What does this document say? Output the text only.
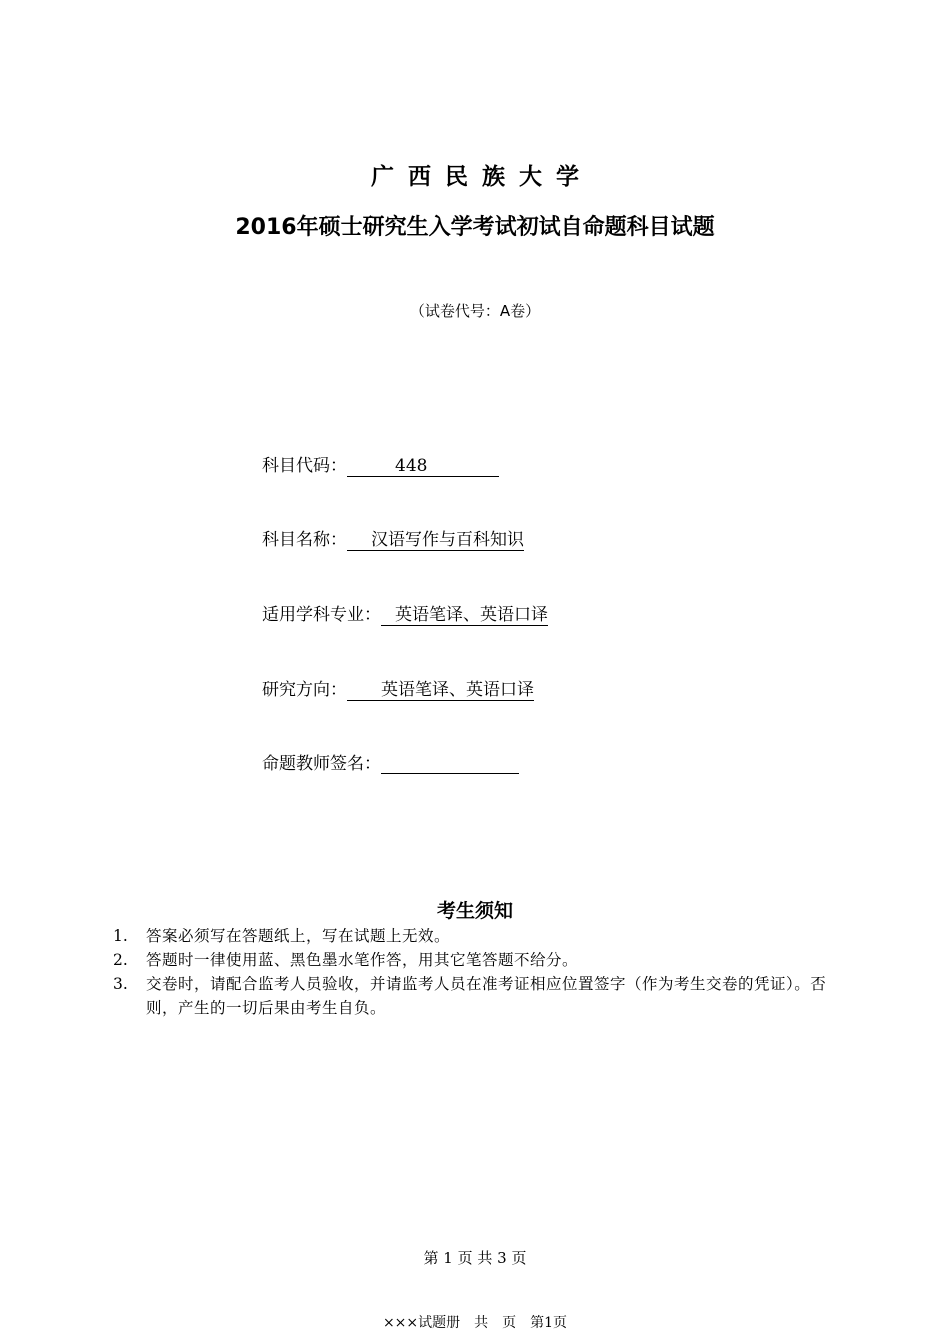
广西民族大学
2016年硕士研究生入学考试初试自命题科目试题
（试卷代号：A卷）
科目代码：	448
科目名称： 汉语写作与百科知识
适用学科专业： 英语笔译、英语口译
研究方向： 英语笔译、英语口译
命题教师签名：
考生须知
1. 答案必须写在答题纸上，写在试题上无效。
2. 答题时一律使用蓝、黑色墨水笔作答，用其它笔答题不给分。
3. 交卷时，请配合监考人员验收，并请监考人员在准考证相应位置签字（作为考生交卷的凭证）。否则，产生的一切后果由考生自负。
第 1 页 共 3 页
×××试题册　共　页　第1页
